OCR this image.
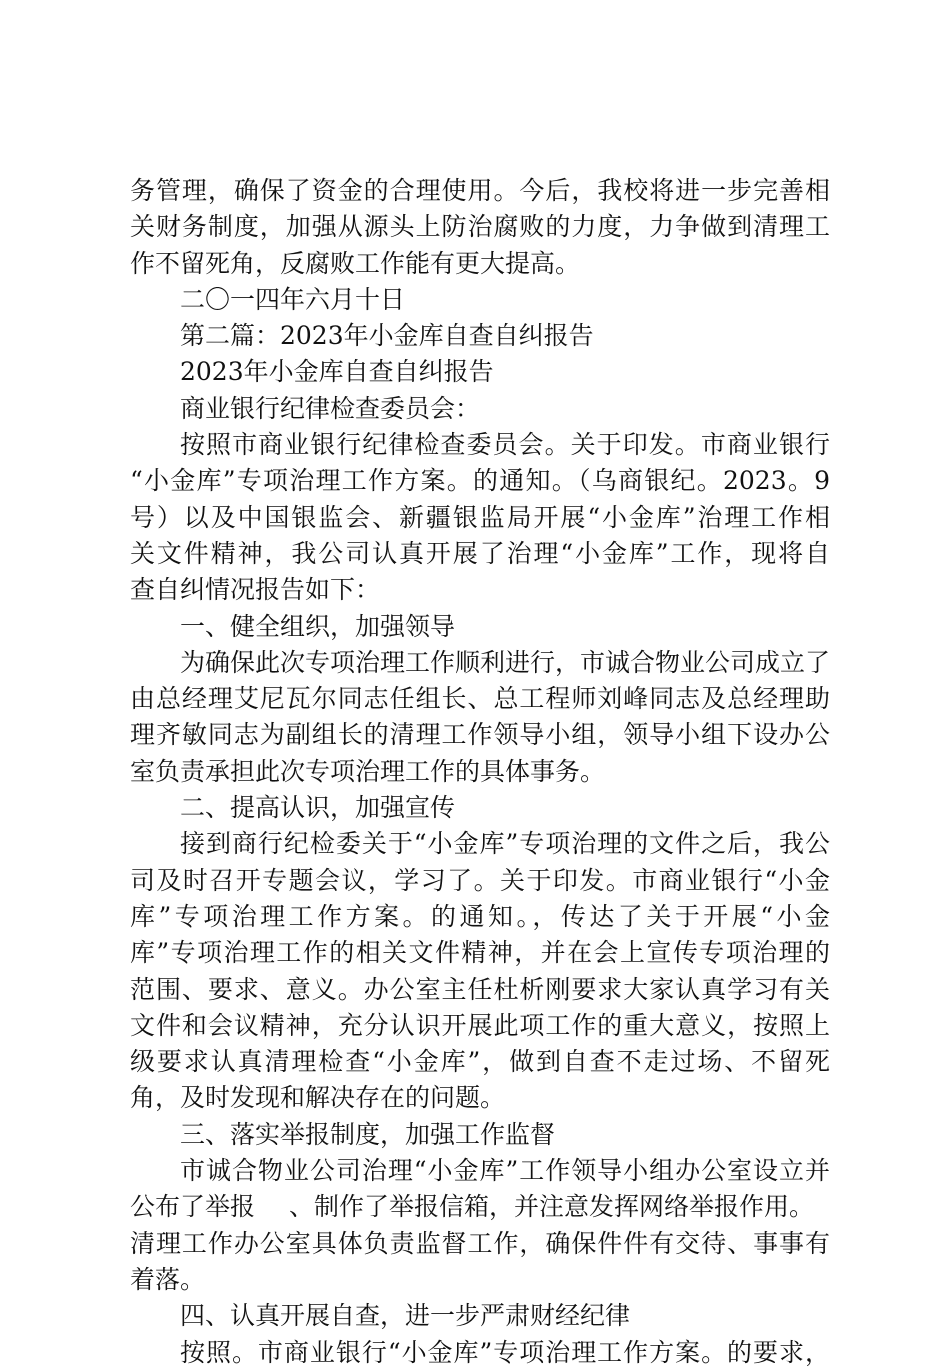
务管理，确保了资金的合理使用。今后，我校将进一步完善相
关财务制度，加强从源头上防治腐败的力度，力争做到清理工
作不留死角，反腐败工作能有更大提高。
二〇一四年六月十日
第二篇：2023年小金库自查自纠报告
2023年小金库自查自纠报告
商业银行纪律检查委员会：
按照市商业银行纪律检查委员会。关于印发。市商业银行
“小金库”专项治理工作方案。的通知。（乌商银纪。2023。9
号）以及中国银监会、新疆银监局开展“小金库”治理工作相
关文件精神，我公司认真开展了治理“小金库”工作，现将自
查自纠情况报告如下：
一、健全组织，加强领导
为确保此次专项治理工作顺利进行，市诚合物业公司成立了
由总经理艾尼瓦尔同志任组长、总工程师刘峰同志及总经理助
理齐敏同志为副组长的清理工作领导小组，领导小组下设办公
室负责承担此次专项治理工作的具体事务。
二、提高认识，加强宣传
接到商行纪检委关于“小金库”专项治理的文件之后，我公
司及时召开专题会议，学习了。关于印发。市商业银行“小金
库”专项治理工作方案。的通知。，传达了关于开展“小金
库”专项治理工作的相关文件精神，并在会上宣传专项治理的
范围、要求、意义。办公室主任杜析刚要求大家认真学习有关
文件和会议精神，充分认识开展此项工作的重大意义，按照上
级要求认真清理检查“小金库”，做到自查不走过场、不留死
角，及时发现和解决存在的问题。
三、落实举报制度，加强工作监督
市诚合物业公司治理“小金库”工作领导小组办公室设立并
公布了举报 、制作了举报信箱，并注意发挥网络举报作用。
清理工作办公室具体负责监督工作，确保件件有交待、事事有
着落。
四、认真开展自查，进一步严肃财经纪律
按照。市商业银行“小金库”专项治理工作方案。的要求，
